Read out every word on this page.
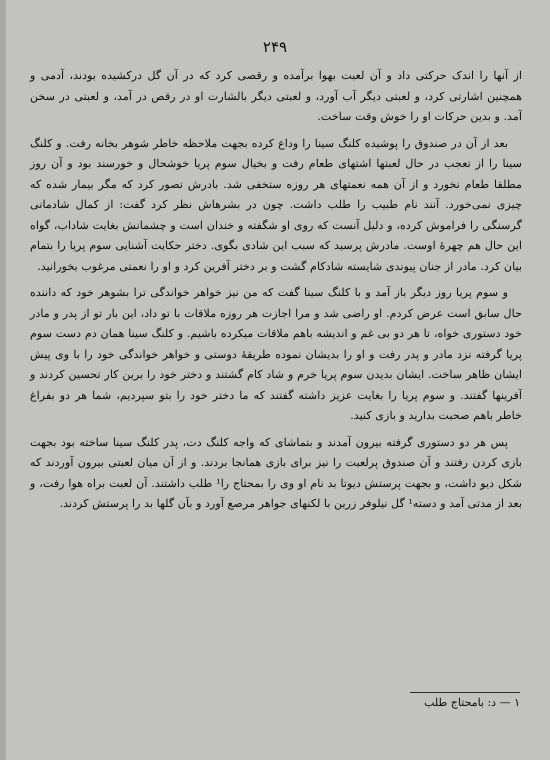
۲۴۹

از آنها را اندک حرکتی داد و آن لعبت بهوا برآمده و رقصی کرد که در آن گل درکشیده بودند، آدمی و همچنین اشارتی کرد، و لعبتی دیگر آب آورد، و لعبتی دیگر بالشارت او در رقص در آمد، و لعبتی در سخن آمد. و بدین حرکات او را خوش وقت ساخت.

بعد از آن در صندوق را پوشیده کلنگ سینا را وداع کرده بجهت ملاحظه خاطر شوهر بخانه رفت. و کلنگ سینا را از تعجب در حال لعبتها اشتهای طعام رفت و بخیال سوم پریا خوشحال و خورسند بود و آن روز مطلقا طعام نخورد و از آن همه نعمتهای هر روزه ستخفی شد. بادرش تصور کرد که مگر بیمار شده که چیزی نمی‌خورد. آنند نام طبیب را طلب داشت. چون در بشرهاش نظر کرد گفت: از کمال شادمانی گرسنگی را فراموش کرده، و دلیل آنست که روی او شگفته و خندان است و چشمانش بغایت شاداب، گواه این حال هم چهرهٔ اوست. مادرش پرسید که سبب این شادی بگوی. دختر حکایت آشنایی سوم پریا را بتمام بیان کرد. مادر از جنان پیوندی شایسته شادکام گشت و بر دختر آفرین کرد و او را نعمتی مرغوب بخورانید.

و سوم پریا روز دیگر باز آمد و با کلنگ سینا گفت که من نیز خواهر خواندگی ترا بشوهر خود که داننده حال سابق است عرض کردم. او راضی شد و مرا اجازت هر روزه ملاقات با تو داد، این بار تو از پدر و مادر خود دستوری خواه، تا هر دو بی غم و اندیشه باهم ملاقات میکرده باشیم. و کلنگ سینا همان دم دست سوم پریا گرفته نزد مادر و پدر رفت و او را بدیشان نموده طریقهٔ دوستی و خواهر خواندگی خود را با وی پیش ایشان ظاهر ساخت. ایشان بدیدن سوم پریا خرم و شاد کام گشتند و دختر خود را برین کار تحسین کردند و آفرینها گفتند. و سوم پریا را بغایت عزیز داشته گفتند که ما دختر خود را بتو سپردیم، شما هر دو بفراغ خاطر باهم صحبت بدارید و بازی کنید.

پس هر دو دستوری گرفته بیرون آمدند و بتماشای که واجه کلنگ دت، پدر کلنگ سینا ساخته بود بجهت بازی کردن رفتند و آن صندوق پرلعبت را نیز برای بازی همانجا بردند. و از آن میان لعبتی بیرون آوردند که شکل دیو داشت، و بجهت پرستش دیوتا بد نام او وی را بمحتاج را¹ طلب داشتند. آن لعبت براه هوا رفت، و بعد از مدتی آمد و دسته¹ گل نیلوفر زرین با لکنهای جواهر مرصع آورد و بآن گلها بد را پرستش کردند.

۱ — د: بامحتاج طلب
